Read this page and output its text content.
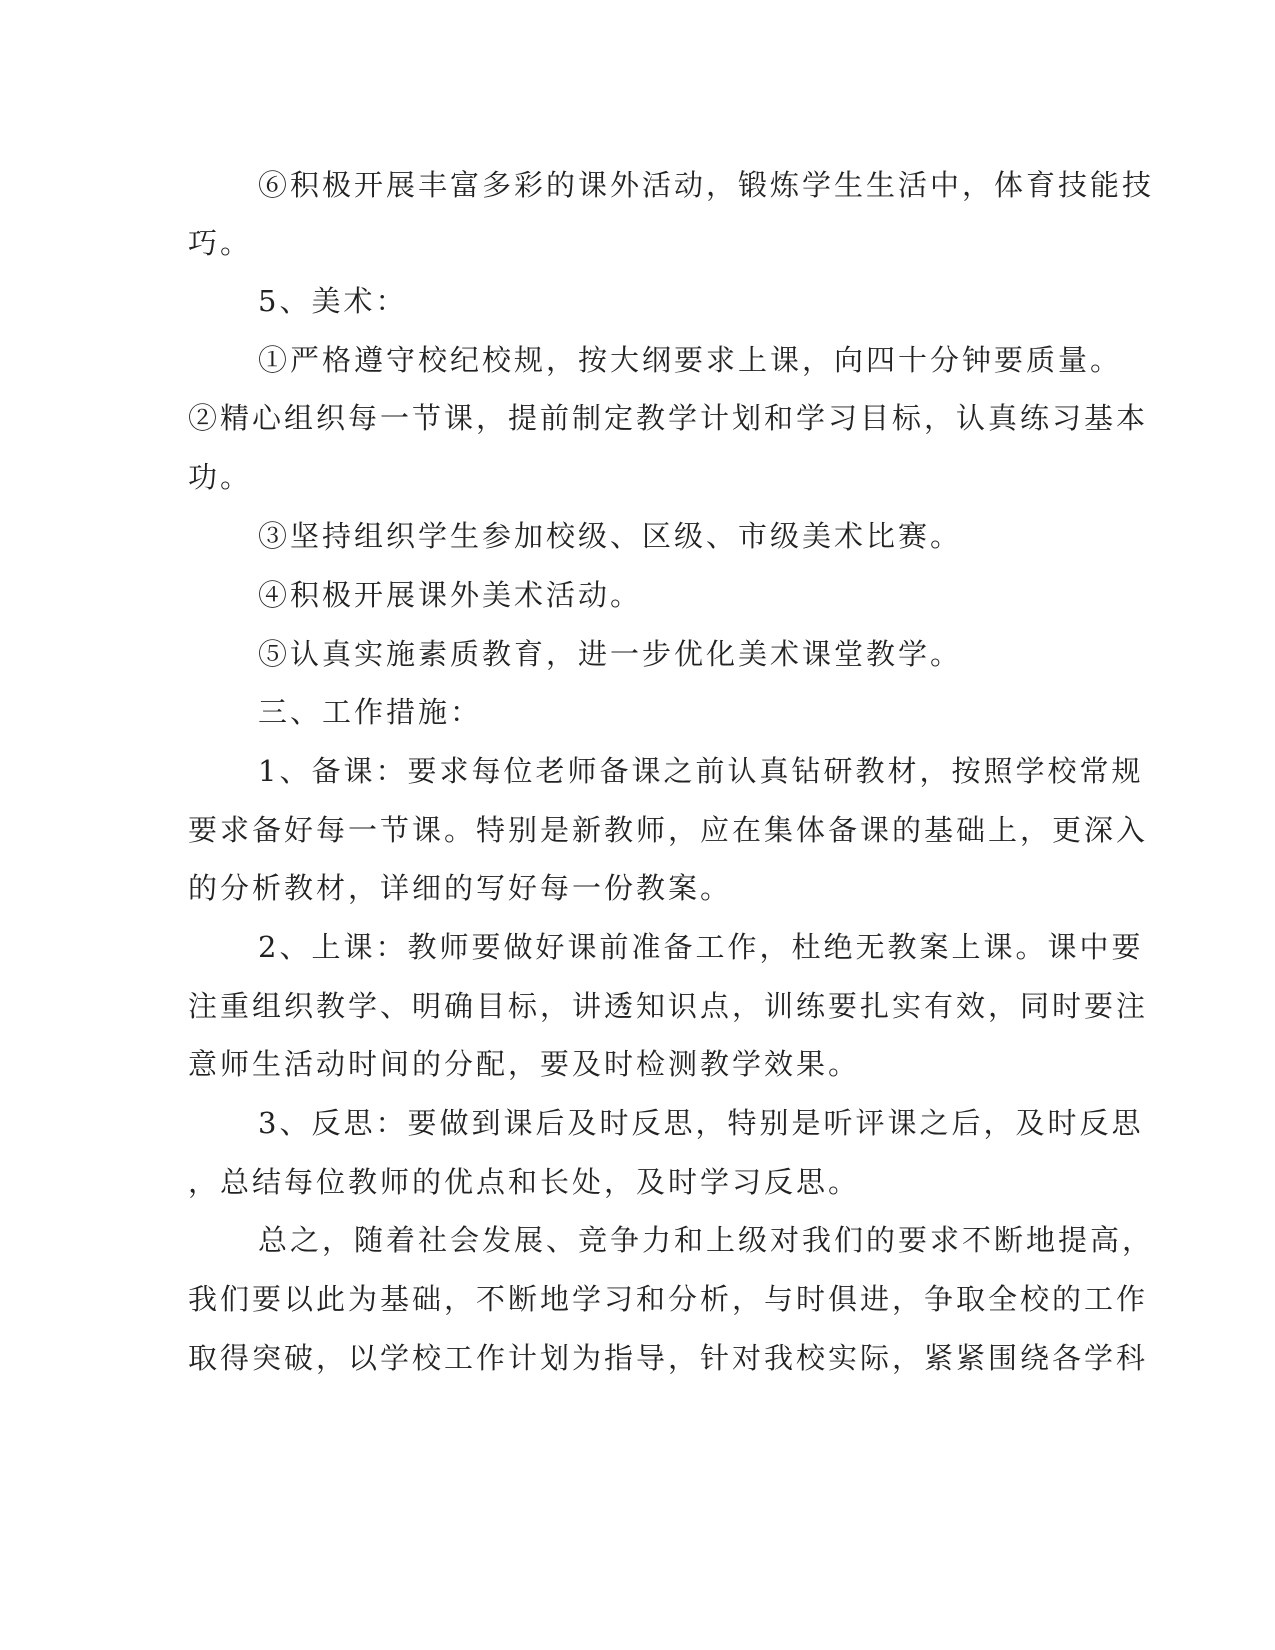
⑥积极开展丰富多彩的课外活动，锻炼学生生活中，体育技能技
巧。
5、美术：
①严格遵守校纪校规，按大纲要求上课，向四十分钟要质量。
②精心组织每一节课，提前制定教学计划和学习目标，认真练习基本
功。
③坚持组织学生参加校级、区级、市级美术比赛。
④积极开展课外美术活动。
⑤认真实施素质教育，进一步优化美术课堂教学。
三、工作措施：
1、备课：要求每位老师备课之前认真钻研教材，按照学校常规
要求备好每一节课。特别是新教师，应在集体备课的基础上，更深入
的分析教材，详细的写好每一份教案。
2、上课：教师要做好课前准备工作，杜绝无教案上课。课中要
注重组织教学、明确目标，讲透知识点，训练要扎实有效，同时要注
意师生活动时间的分配，要及时检测教学效果。
3、反思：要做到课后及时反思，特别是听评课之后，及时反思
，总结每位教师的优点和长处，及时学习反思。
总之，随着社会发展、竞争力和上级对我们的要求不断地提高，
我们要以此为基础，不断地学习和分析，与时俱进，争取全校的工作
取得突破，以学校工作计划为指导，针对我校实际，紧紧围绕各学科
